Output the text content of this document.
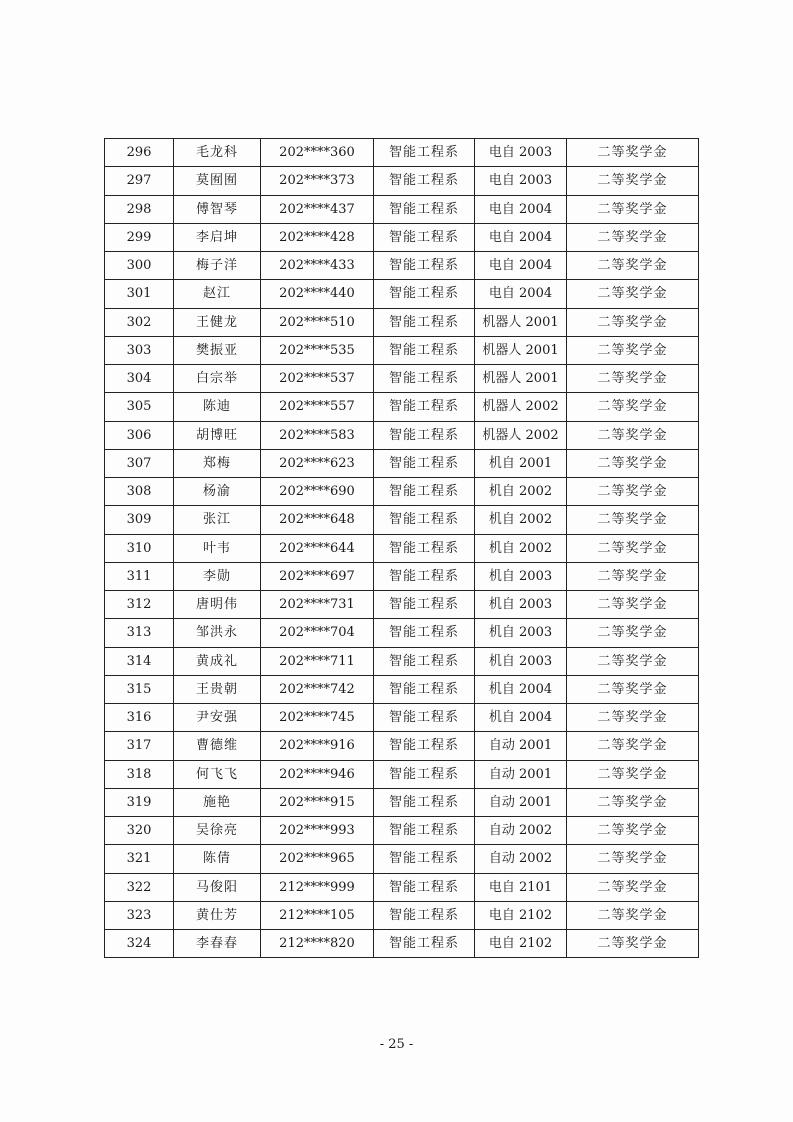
296	毛龙科	202****360	智能工程系	电自 2003	二等奖学金
297	莫囿囿	202****373	智能工程系	电自 2003	二等奖学金
298	傅智琴	202****437	智能工程系	电自 2004	二等奖学金
299	李启坤	202****428	智能工程系	电自 2004	二等奖学金
300	梅子洋	202****433	智能工程系	电自 2004	二等奖学金
301	赵江	202****440	智能工程系	电自 2004	二等奖学金
302	王健龙	202****510	智能工程系	机器人 2001	二等奖学金
303	樊振亚	202****535	智能工程系	机器人 2001	二等奖学金
304	白宗举	202****537	智能工程系	机器人 2001	二等奖学金
305	陈迪	202****557	智能工程系	机器人 2002	二等奖学金
306	胡博旺	202****583	智能工程系	机器人 2002	二等奖学金
307	郑梅	202****623	智能工程系	机自 2001	二等奖学金
308	杨渝	202****690	智能工程系	机自 2002	二等奖学金
309	张江	202****648	智能工程系	机自 2002	二等奖学金
310	叶韦	202****644	智能工程系	机自 2002	二等奖学金
311	李勋	202****697	智能工程系	机自 2003	二等奖学金
312	唐明伟	202****731	智能工程系	机自 2003	二等奖学金
313	邹洪永	202****704	智能工程系	机自 2003	二等奖学金
314	黄成礼	202****711	智能工程系	机自 2003	二等奖学金
315	王贵朝	202****742	智能工程系	机自 2004	二等奖学金
316	尹安强	202****745	智能工程系	机自 2004	二等奖学金
317	曹德维	202****916	智能工程系	自动 2001	二等奖学金
318	何飞飞	202****946	智能工程系	自动 2001	二等奖学金
319	施艳	202****915	智能工程系	自动 2001	二等奖学金
320	吴徐亮	202****993	智能工程系	自动 2002	二等奖学金
321	陈倩	202****965	智能工程系	自动 2002	二等奖学金
322	马俊阳	212****999	智能工程系	电自 2101	二等奖学金
323	黄仕芳	212****105	智能工程系	电自 2102	二等奖学金
324	李春春	212****820	智能工程系	电自 2102	二等奖学金
- 25 -
